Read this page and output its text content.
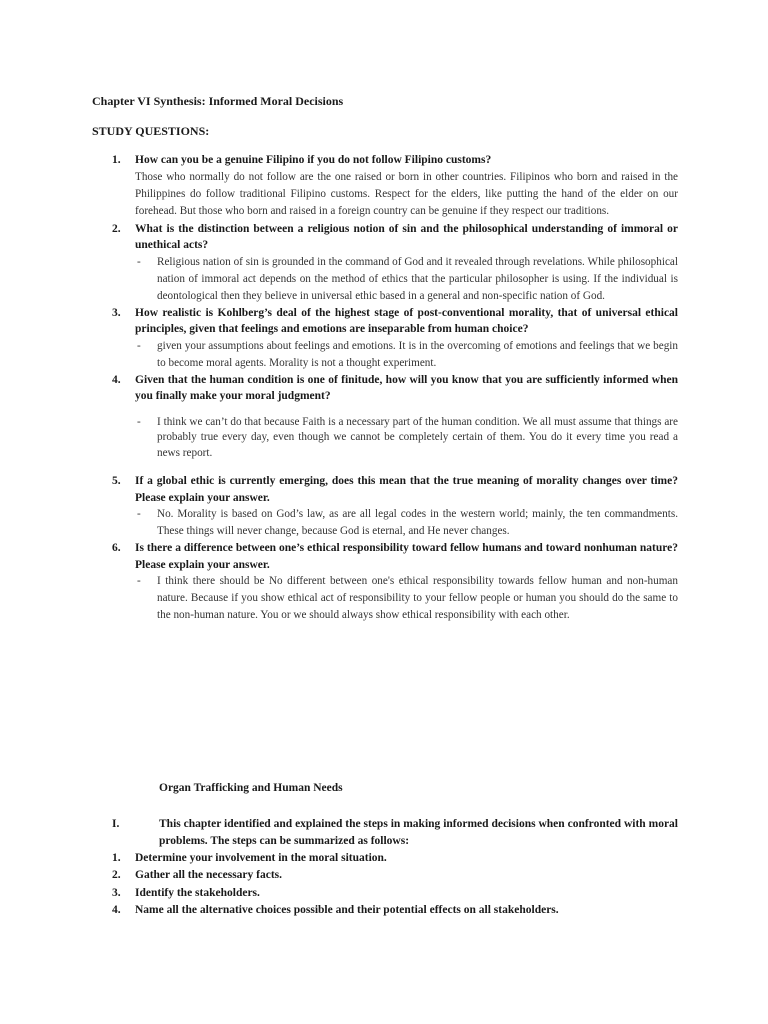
Chapter VI Synthesis: Informed Moral Decisions
STUDY QUESTIONS:
1. How can you be a genuine Filipino if you do not follow Filipino customs?
Those who normally do not follow are the one raised or born in other countries. Filipinos who born and raised in the Philippines do follow traditional Filipino customs. Respect for the elders, like putting the hand of the elder on our forehead. But those who born and raised in a foreign country can be genuine if they respect our traditions.
2. What is the distinction between a religious notion of sin and the philosophical understanding of immoral or unethical acts?
- Religious nation of sin is grounded in the command of God and it revealed through revelations. While philosophical nation of immoral act depends on the method of ethics that the particular philosopher is using. If the individual is deontological then they believe in universal ethic based in a general and non-specific nation of God.
3. How realistic is Kohlberg’s deal of the highest stage of post-conventional morality, that of universal ethical principles, given that feelings and emotions are inseparable from human choice?
- given your assumptions about feelings and emotions. It is in the overcoming of emotions and feelings that we begin to become moral agents. Morality is not a thought experiment.
4. Given that the human condition is one of finitude, how will you know that you are sufficiently informed when you finally make your moral judgment?
- I think we can’t do that because Faith is a necessary part of the human condition. We all must assume that things are probably true every day, even though we cannot be completely certain of them. You do it every time you read a news report.
5. If a global ethic is currently emerging, does this mean that the true meaning of morality changes over time? Please explain your answer.
- No. Morality is based on God’s law, as are all legal codes in the western world; mainly, the ten commandments. These things will never change, because God is eternal, and He never changes.
6. Is there a difference between one’s ethical responsibility toward fellow humans and toward nonhuman nature? Please explain your answer.
- I think there should be No different between one's ethical responsibility towards fellow human and non-human nature. Because if you show ethical act of responsibility to your fellow people or human you should do the same to the non-human nature. You or we should always show ethical responsibility with each other.
Organ Trafficking and Human Needs
I.	This chapter identified and explained the steps in making informed decisions when confronted with moral problems. The steps can be summarized as follows:
1. Determine your involvement in the moral situation.
2. Gather all the necessary facts.
3. Identify the stakeholders.
4. Name all the alternative choices possible and their potential effects on all stakeholders.
